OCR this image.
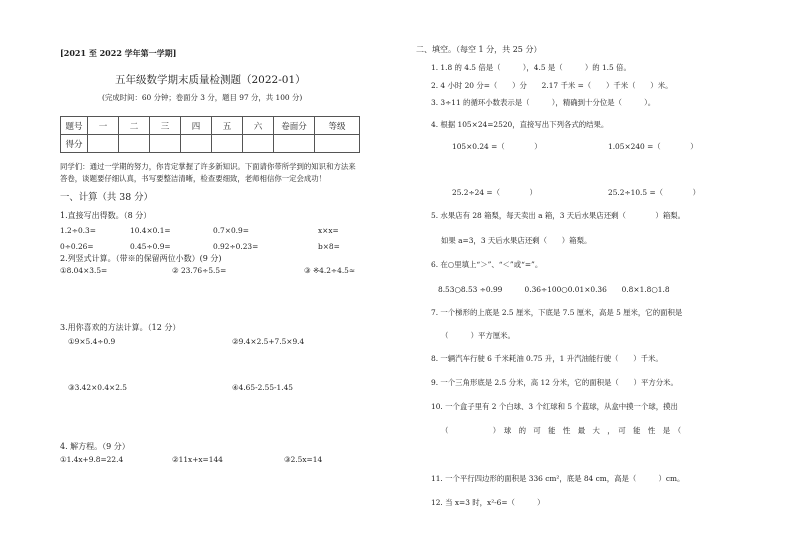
[2021 至 2022 学年第一学期]
五年级数学期末质量检测题（2022-01）
(完成时间：60 分钟；卷面分 3 分，题目 97 分，共 100 分)
题号	一	二	三	四	五	六	卷面分	等级
得分								
同学们：通过一学期的努力，你肯定掌握了许多新知识。下面请你带所学到的知识和方法来
答卷，谈题要仔细认真，书写要整洁清晰，检查要细致，老师相信你一定会成功！
一、计算（共 38 分）
1.直接写出得数。（8 分）
1.2÷0.3=	10.4×0.1=	0.7×0.9=	x×x=
0÷0.26=	0.45÷0.9=	0.92÷0.23=	b×8=
2.列竖式计算。（带※的保留两位小数）(9 分)
①8.04×3.5=	② 23.76÷5.5=	③ ※4.2÷4.5≈
3.用你喜欢的方法计算。（12 分）
①9×5.4÷0.9	②9.4×2.5+7.5×9.4
③3.42×0.4×2.5	④4.65-2.55-1.45
4. 解方程。（9 分）
①1.4x+9.8=22.4	②11x+x=144	③2.5x=14
二、填空。（每空 1 分，共 25 分）
1. 1.8 的 4.5 倍是（　　　），4.5 是（　　　）的 1.5 倍。
2. 4 小时 20 分=（　　）分　　2.17 千米 =（　　）千米（　　）米。
3. 3÷11 的循环小数表示是（　　　），精确到十分位是（　　　）。
4. 根据 105×24=2520，直接写出下列各式的结果。
105×0.24 =（　　　　）	1.05×240 =（　　　　）
25.2÷24 =（　　　　）	25.2÷10.5 =（　　　　）
5. 水果店有 28 箱梨，每天卖出 a 箱，3 天后水果店还剩（　　　　）箱梨。
如果 a=3，3 天后水果店还剩（　　）箱梨。
6. 在○里填上“＞”、“＜”或“=”。
8.53○8.53 ÷0.99　　　0.36÷100○0.01×0.36　　0.8×1.8○1.8
7. 一个梯形的上底是 2.5 厘米，下底是 7.5 厘米，高是 5 厘米，它的面积是
（　　　）平方厘米。
8. 一辆汽车行驶 6 千米耗油 0.75 升，1 升汽油能行驶（　　）千米。
9. 一个三角形底是 2.5 分米，高 12 分米，它的面积是（　　）平方分米。
10. 一个盒子里有 2 个白球、3 个红球和 5 个蓝球，从盒中摸一个球，摸出
（　　　　　　）　球　的　可　能　性　最　大　，　可　能　性　是　（
11. 一个平行四边形的面积是 336 cm²，底是 84 cm，高是（　　　）cm。
12. 当 x=3 时，x²-6=（　　　）
